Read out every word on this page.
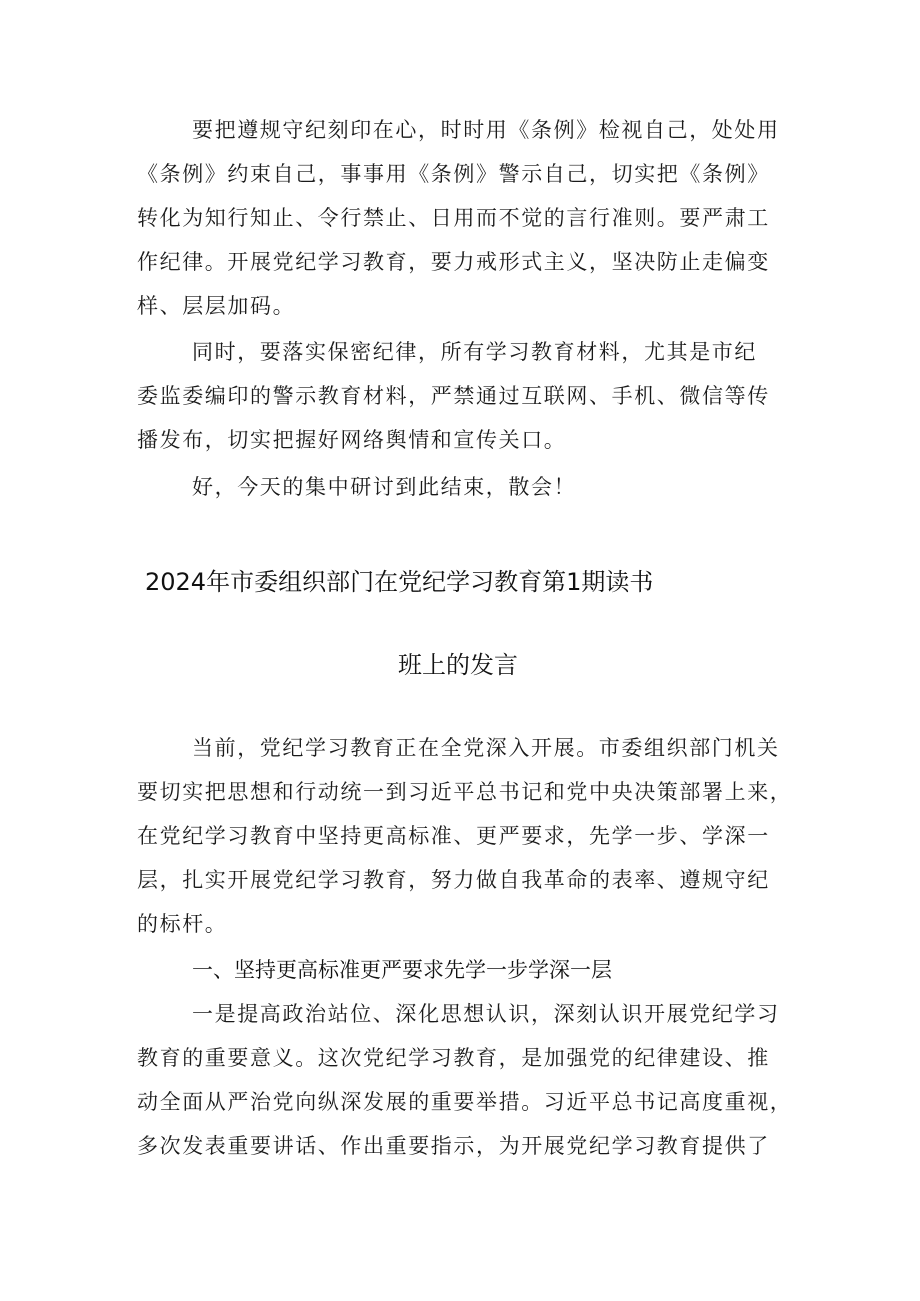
要把遵规守纪刻印在心，时时用《条例》检视自己，处处用
《条例》约束自己，事事用《条例》警示自己，切实把《条例》
转化为知行知止、令行禁止、日用而不觉的言行准则。要严肃工
作纪律。开展党纪学习教育，要力戒形式主义，坚决防止走偏变
样、层层加码。
同时，要落实保密纪律，所有学习教育材料，尤其是市纪
委监委编印的警示教育材料，严禁通过互联网、手机、微信等传
播发布，切实把握好网络舆情和宣传关口。
好，今天的集中研讨到此结束，散会！
2024年市委组织部门在党纪学习教育第1期读书
班上的发言
当前，党纪学习教育正在全党深入开展。市委组织部门机关
要切实把思想和行动统一到习近平总书记和党中央决策部署上来，
在党纪学习教育中坚持更高标准、更严要求，先学一步、学深一
层，扎实开展党纪学习教育，努力做自我革命的表率、遵规守纪
的标杆。
一、坚持更高标准更严要求先学一步学深一层
一是提高政治站位、深化思想认识，深刻认识开展党纪学习
教育的重要意义。这次党纪学习教育，是加强党的纪律建设、推
动全面从严治党向纵深发展的重要举措。习近平总书记高度重视，
多次发表重要讲话、作出重要指示，为开展党纪学习教育提供了
